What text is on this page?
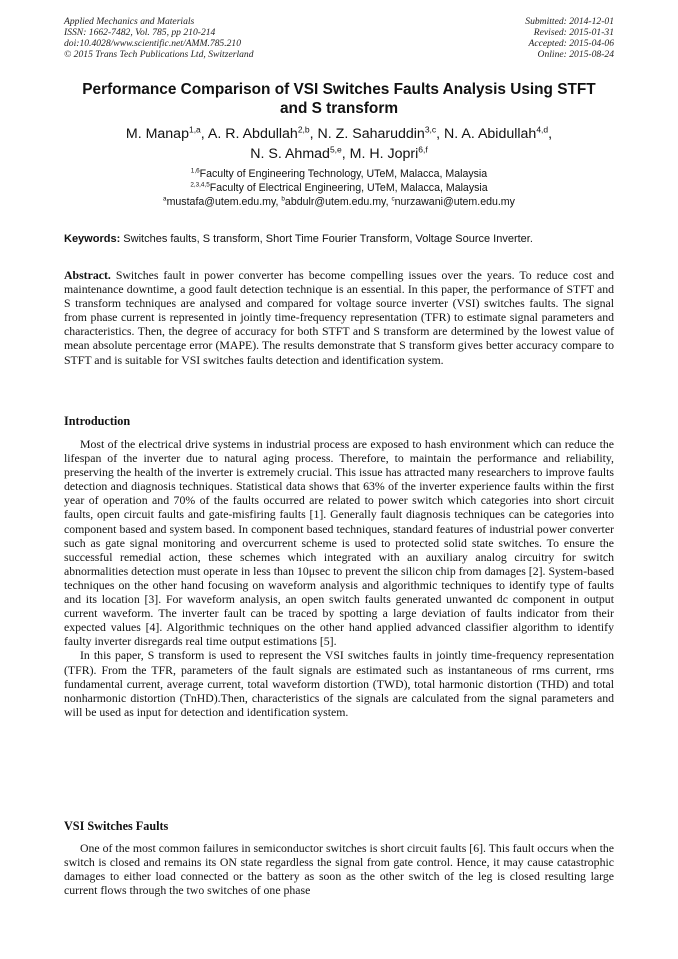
Applied Mechanics and Materials
ISSN: 1662-7482, Vol. 785, pp 210-214
doi:10.4028/www.scientific.net/AMM.785.210
© 2015 Trans Tech Publications Ltd, Switzerland
Submitted: 2014-12-01
Revised: 2015-01-31
Accepted: 2015-04-06
Online: 2015-08-24
Performance Comparison of VSI Switches Faults Analysis Using STFT
and S transform
M. Manap$^{1,a}$, A. R. Abdullah$^{2,b}$, N. Z. Saharuddin$^{3,c}$, N. A. Abidullah$^{4,d}$,
N. S. Ahmad$^{5,e}$, M. H. Jopri$^{6,f}$
$^{1,6}$Faculty of Engineering Technology, UTeM, Malacca, Malaysia
$^{2,3,4,5}$Faculty of Electrical Engineering, UTeM, Malacca, Malaysia
$^a$mustafa@utem.edu.my, $^b$abdulr@utem.edu.my, $^c$nurzawani@utem.edu.my
Keywords: Switches faults, S transform, Short Time Fourier Transform, Voltage Source Inverter.
Abstract. Switches fault in power converter has become compelling issues over the years. To reduce cost and maintenance downtime, a good fault detection technique is an essential. In this paper, the performance of STFT and S transform techniques are analysed and compared for voltage source inverter (VSI) switches faults. The signal from phase current is represented in jointly time-frequency representation (TFR) to estimate signal parameters and characteristics. Then, the degree of accuracy for both STFT and S transform are determined by the lowest value of mean absolute percentage error (MAPE). The results demonstrate that S transform gives better accuracy compare to STFT and is suitable for VSI switches faults detection and identification system.
Introduction

Most of the electrical drive systems in industrial process are exposed to hash environment which can reduce the lifespan of the inverter due to natural aging process. Therefore, to maintain the performance and reliability, preserving the health of the inverter is extremely crucial. This issue has attracted many researchers to improve faults detection and diagnosis techniques. Statistical data shows that 63% of the inverter experience faults within the first year of operation and 70% of the faults occurred are related to power switch which categories into short circuit faults, open circuit faults and gate-misfiring faults [1]. Generally fault diagnosis techniques can be categories into component based and system based. In component based techniques, standard features of industrial power converter such as gate signal monitoring and overcurrent scheme is used to protected solid state switches. To ensure the successful remedial action, these schemes which integrated with an auxiliary analog circuitry for switch abnormalities detection must operate in less than 10μsec to prevent the silicon chip from damages [2]. System-based techniques on the other hand focusing on waveform analysis and algorithmic techniques to identify type of faults and its location [3]. For waveform analysis, an open switch faults generated unwanted dc component in output current waveform. The inverter fault can be traced by spotting a large deviation of faults indicator from their expected values [4]. Algorithmic techniques on the other hand applied advanced classifier algorithm to identify faulty inverter disregards real time output estimations [5].

In this paper, S transform is used to represent the VSI switches faults in jointly time-frequency representation (TFR). From the TFR, parameters of the fault signals are estimated such as instantaneous of rms current, rms fundamental current, average current, total waveform distortion (TWD), total harmonic distortion (THD) and total nonharmonic distortion (TnHD).Then, characteristics of the signals are calculated from the signal parameters and will be used as input for detection and identification system.

VSI Switches Faults

One of the most common failures in semiconductor switches is short circuit faults [6]. This fault occurs when the switch is closed and remains its ON state regardless the signal from gate control. Hence, it may cause catastrophic damages to either load connected or the battery as soon as the other switch of the leg is closed resulting large current flows through the two switches of one phase
